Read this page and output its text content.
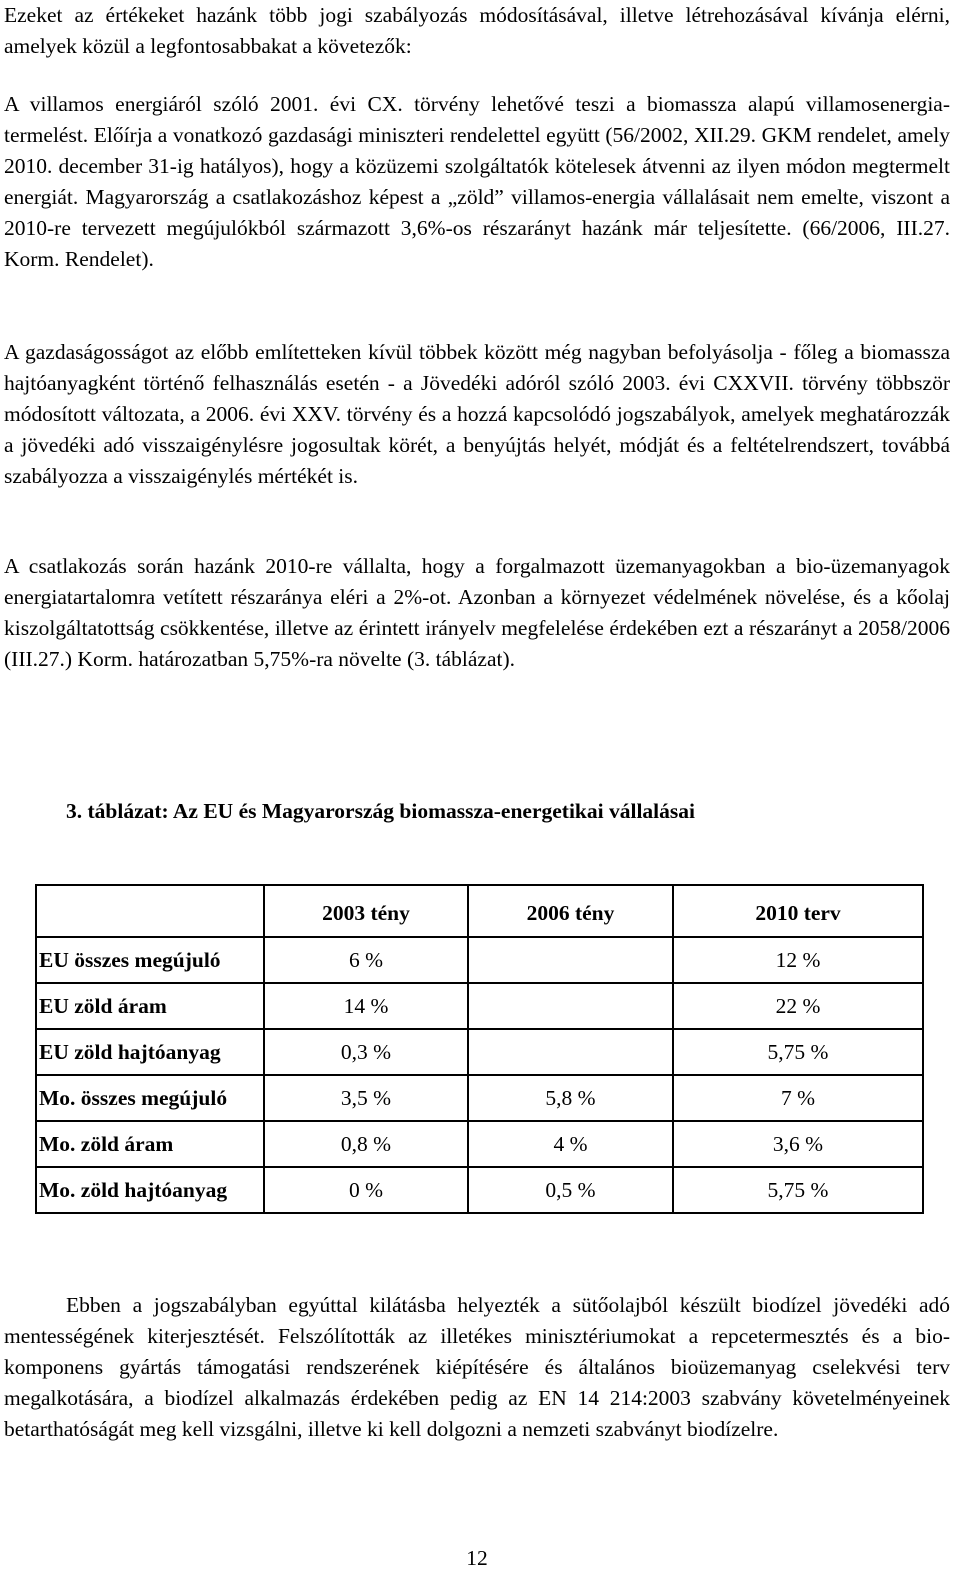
Ezeket az értékeket hazánk több jogi szabályozás módosításával, illetve létrehozásával kívánja elérni, amelyek közül a legfontosabbakat a követezők:

A villamos energiáról szóló 2001. évi CX. törvény lehetővé teszi a biomassza alapú villamosenergia-termelést. Előírja a vonatkozó gazdasági miniszteri rendelettel együtt (56/2002, XII.29. GKM rendelet, amely 2010. december 31-ig hatályos), hogy a közüzemi szolgáltatók kötelesek átvenni az ilyen módon megtermelt energiát. Magyarország a csatlakozáshoz képest a „zöld” villamos-energia vállalásait nem emelte, viszont a 2010-re tervezett megújulókból származott 3,6%-os részarányt hazánk már teljesítette. (66/2006, III.27. Korm. Rendelet).

A gazdaságosságot az előbb említetteken kívül többek között még nagyban befolyásolja - főleg a biomassza hajtóanyagként történő felhasználás esetén - a Jövedéki adóról szóló 2003. évi CXXVII. törvény többször módosított változata, a 2006. évi XXV. törvény és a hozzá kapcsolódó jogszabályok, amelyek meghatározzák a jövedéki adó visszaigénylésre jogosultak körét, a benyújtás helyét, módját és a feltételrendszert, továbbá szabályozza a visszaigénylés mértékét is.

A csatlakozás során hazánk 2010-re vállalta, hogy a forgalmazott üzemanyagokban a bio-üzemanyagok energiatartalomra vetített részaránya eléri a 2%-ot. Azonban a környezet védelmének növelése, és a kőolaj kiszolgáltatottság csökkentése, illetve az érintett irányelv megfelelése érdekében ezt a részarányt a 2058/2006 (III.27.) Korm. határozatban 5,75%-ra növelte (3. táblázat).

3. táblázat: Az EU és Magyarország biomassza-energetikai vállalásai
	2003 tény	2006 tény	2010 terv
EU összes megújuló	6 %		12 %
EU zöld áram	14 %		22 %
EU zöld hajtóanyag	0,3 %		5,75 %
Mo. összes megújuló	3,5 %	5,8 %	7 %
Mo. zöld áram	0,8 %	4 %	3,6 %
Mo. zöld hajtóanyag	0 %	0,5 %	5,75 %

Ebben a jogszabályban egyúttal kilátásba helyezték a sütőolajból készült biodízel jövedéki adó mentességének kiterjesztését. Felszólították az illetékes minisztériumokat a repcetermesztés és a bio-komponens gyártás támogatási rendszerének kiépítésére és általános bioüzemanyag cselekvési terv megalkotására, a biodízel alkalmazás érdekében pedig az EN 14 214:2003 szabvány követelményeinek betarthatóságát meg kell vizsgálni, illetve ki kell dolgozni a nemzeti szabványt biodízelre.

12
